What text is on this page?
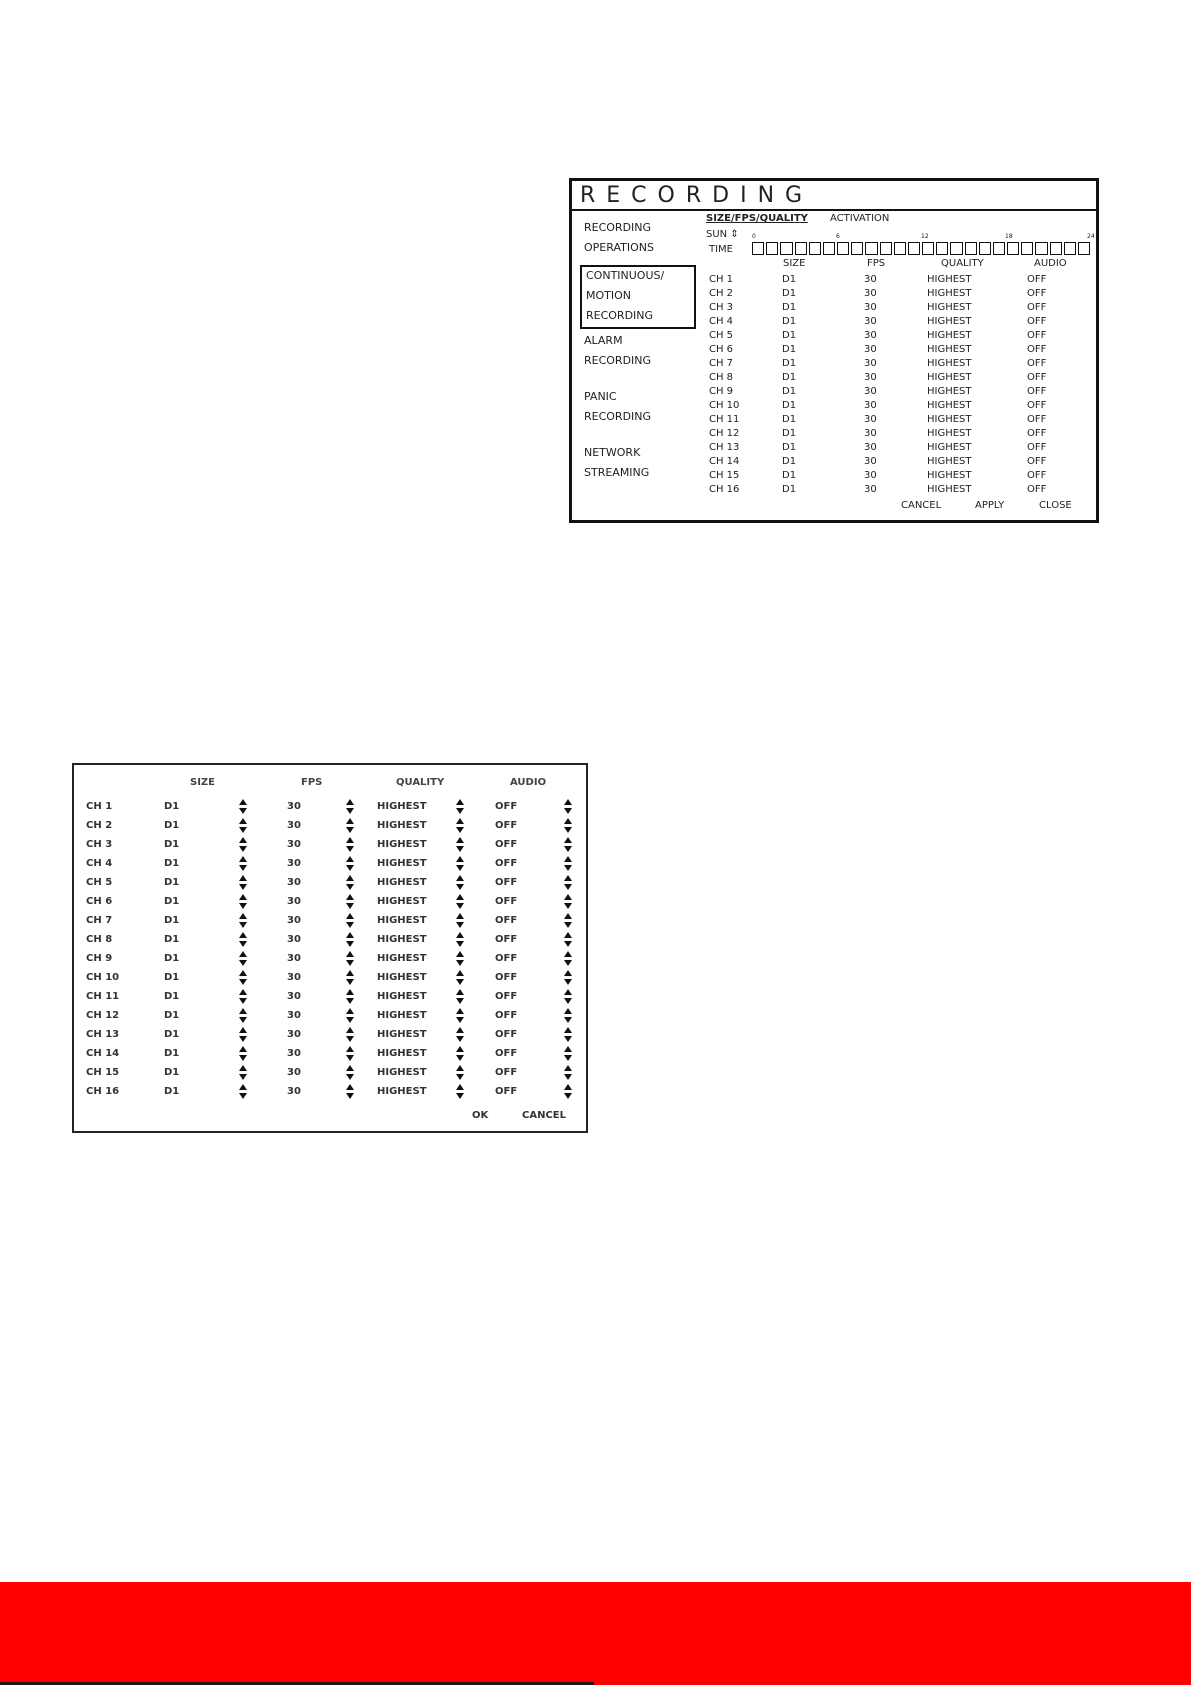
RECORDING
RECORDING
OPERATIONS
CONTINUOUS/
MOTION
RECORDING
ALARM
RECORDING
PANIC
RECORDING
NETWORK
STREAMING
SIZE/FPS/QUALITY ACTIVATION
SUN ⇕
TIME
0	6	12	18	24
SIZE	FPS	QUALITY	AUDIO
CH 1	D1	30	HIGHEST	OFF
CH 2	D1	30	HIGHEST	OFF
CH 3	D1	30	HIGHEST	OFF
CH 4	D1	30	HIGHEST	OFF
CH 5	D1	30	HIGHEST	OFF
CH 6	D1	30	HIGHEST	OFF
CH 7	D1	30	HIGHEST	OFF
CH 8	D1	30	HIGHEST	OFF
CH 9	D1	30	HIGHEST	OFF
CH 10	D1	30	HIGHEST	OFF
CH 11	D1	30	HIGHEST	OFF
CH 12	D1	30	HIGHEST	OFF
CH 13	D1	30	HIGHEST	OFF
CH 14	D1	30	HIGHEST	OFF
CH 15	D1	30	HIGHEST	OFF
CH 16	D1	30	HIGHEST	OFF
CANCEL	APPLY	CLOSE
SIZE	FPS	QUALITY	AUDIO
CH 1	D1	30	HIGHEST	OFF
CH 2	D1	30	HIGHEST	OFF
CH 3	D1	30	HIGHEST	OFF
CH 4	D1	30	HIGHEST	OFF
CH 5	D1	30	HIGHEST	OFF
CH 6	D1	30	HIGHEST	OFF
CH 7	D1	30	HIGHEST	OFF
CH 8	D1	30	HIGHEST	OFF
CH 9	D1	30	HIGHEST	OFF
CH 10	D1	30	HIGHEST	OFF
CH 11	D1	30	HIGHEST	OFF
CH 12	D1	30	HIGHEST	OFF
CH 13	D1	30	HIGHEST	OFF
CH 14	D1	30	HIGHEST	OFF
CH 15	D1	30	HIGHEST	OFF
CH 16	D1	30	HIGHEST	OFF
OK	CANCEL
